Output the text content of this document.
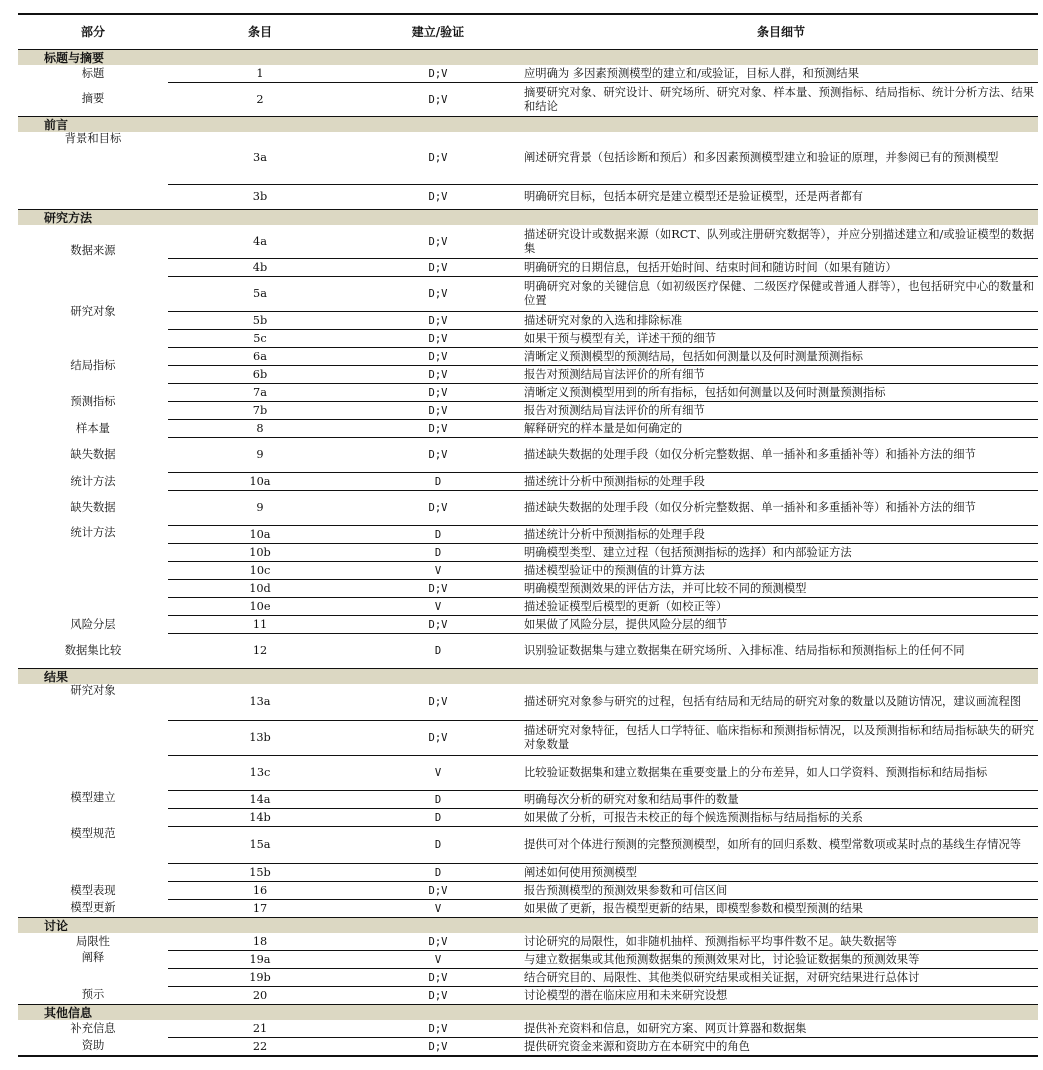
部分	条目	建立/验证	条目细节
标题与摘要			
标题	1	D;V	应明确为 多因素预测模型的建立和/或验证，目标人群，和预测结果
摘要	2	D;V	摘要研究对象、研究设计、研究场所、研究对象、样本量、预测指标、结局指标、统计分析方法、结果和结论
前言			
背景和目标	3a	D;V	阐述研究背景（包括诊断和预后）和多因素预测模型建立和验证的原理，并参阅已有的预测模型
	3b	D;V	明确研究目标，包括本研究是建立模型还是验证模型，还是两者都有
研究方法			
数据来源	4a	D;V	描述研究设计或数据来源（如RCT、队列或注册研究数据等），并应分别描述建立和/或验证模型的数据集
	4b	D;V	明确研究的日期信息，包括开始时间、结束时间和随访时间（如果有随访）
研究对象	5a	D;V	明确研究对象的关键信息（如初级医疗保健、二级医疗保健或普通人群等），也包括研究中心的数量和位置
	5b	D;V	描述研究对象的入选和排除标准
	5c	D;V	如果干预与模型有关，详述干预的细节
结局指标	6a	D;V	清晰定义预测模型的预测结局，包括如何测量以及何时测量预测指标
	6b	D;V	报告对预测结局盲法评价的所有细节
预测指标	7a	D;V	清晰定义预测模型用到的所有指标，包括如何测量以及何时测量预测指标
	7b	D;V	报告对预测结局盲法评价的所有细节
样本量	8	D;V	解释研究的样本量是如何确定的
缺失数据	9	D;V	描述缺失数据的处理手段（如仅分析完整数据、单一插补和多重插补等）和插补方法的细节
统计方法	10a	D	描述统计分析中预测指标的处理手段
缺失数据	9	D;V	描述缺失数据的处理手段（如仅分析完整数据、单一插补和多重插补等）和插补方法的细节
统计方法	10a	D	描述统计分析中预测指标的处理手段
	10b	D	明确模型类型、建立过程（包括预测指标的选择）和内部验证方法
	10c	V	描述模型验证中的预测值的计算方法
	10d	D;V	明确模型预测效果的评估方法，并可比较不同的预测模型
	10e	V	描述验证模型后模型的更新（如校正等）
风险分层	11	D;V	如果做了风险分层，提供风险分层的细节
数据集比较	12	D	识别验证数据集与建立数据集在研究场所、入排标准、结局指标和预测指标上的任何不同
结果			
研究对象	13a	D;V	描述研究对象参与研究的过程，包括有结局和无结局的研究对象的数量以及随访情况，建议画流程图
	13b	D;V	描述研究对象特征，包括人口学特征、临床指标和预测指标情况，以及预测指标和结局指标缺失的研究对象数量
	13c	V	比较验证数据集和建立数据集在重要变量上的分布差异，如人口学资料、预测指标和结局指标
模型建立	14a	D	明确每次分析的研究对象和结局事件的数量
	14b	D	如果做了分析，可报告未校正的每个候选预测指标与结局指标的关系
模型规范	15a	D	提供可对个体进行预测的完整预测模型，如所有的回归系数、模型常数项或某时点的基线生存情况等
	15b	D	阐述如何使用预测模型
模型表现	16	D;V	报告预测模型的预测效果参数和可信区间
模型更新	17	V	如果做了更新，报告模型更新的结果，即模型参数和模型预测的结果
讨论			
局限性	18	D;V	讨论研究的局限性，如非随机抽样、预测指标平均事件数不足。缺失数据等
阐释	19a	V	与建立数据集或其他预测数据集的预测效果对比，讨论验证数据集的预测效果等
	19b	D;V	结合研究目的、局限性、其他类似研究结果或相关证据，对研究结果进行总体讨
预示	20	D;V	讨论模型的潜在临床应用和未来研究设想
其他信息			
补充信息	21	D;V	提供补充资料和信息，如研究方案、网页计算器和数据集
资助	22	D;V	提供研究资金来源和资助方在本研究中的角色
